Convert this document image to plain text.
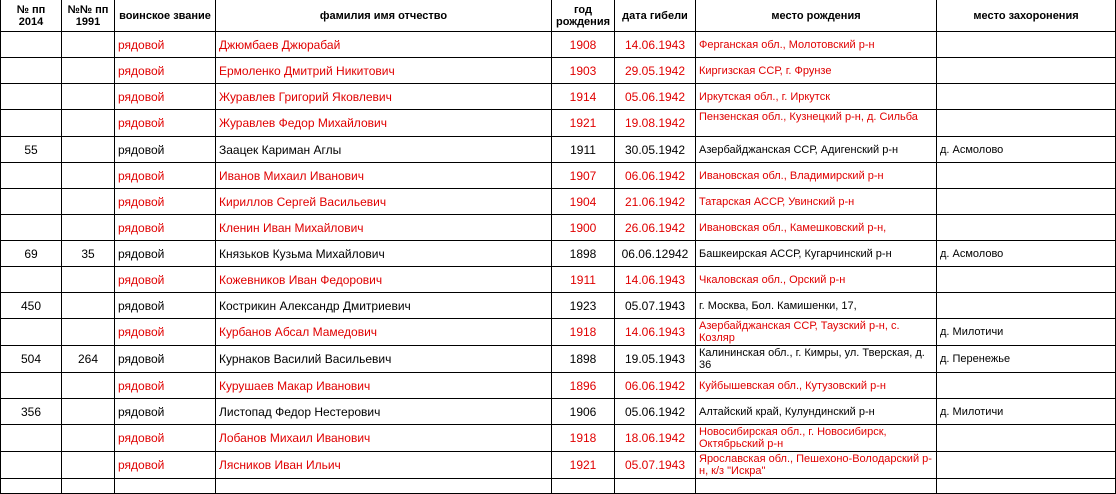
№ пп 2014	№№ пп 1991	воинское звание	фамилия имя отчество	год рождения	дата гибели	место рождения	место захоронения
		рядовой	Джюмбаев Джюрабай	1908	14.06.1943	Ферганская обл., Молотовский р-н	
		рядовой	Ермоленко Дмитрий Никитович	1903	29.05.1942	Киргизская ССР, г. Фрунзе	
		рядовой	Журавлев Григорий Яковлевич	1914	05.06.1942	Иркутская обл., г. Иркутск	
		рядовой	Журавлев Федор Михайлович	1921	19.08.1942	Пензенская обл., Кузнецкий р-н, д. Сильба	
55		рядовой	Заацек Кариман Аглы	1911	30.05.1942	Азербайджанская ССР, Адигенский р-н	д. Асмолово
		рядовой	Иванов Михаил Иванович	1907	06.06.1942	Ивановская обл., Владимирский р-н	
		рядовой	Кириллов Сергей Васильевич	1904	21.06.1942	Татарская АССР, Увинский р-н	
		рядовой	Кленин Иван Михайлович	1900	26.06.1942	Ивановская обл., Камешковский р-н,	
69	35	рядовой	Князьков Кузьма Михайлович	1898	06.06.12942	Башкеирская АССР, Кугарчинский р-н	д. Асмолово
		рядовой	Кожевников Иван Федорович	1911	14.06.1943	Чкаловская обл., Орский р-н	
450		рядовой	Кострикин Александр Дмитриевич	1923	05.07.1943	г. Москва, Бол. Камишенки, 17,	
		рядовой	Курбанов Абсал Мамедович	1918	14.06.1943	Азербайджанская ССР, Таузский р-н, с. Козляр	д. Милотичи
504	264	рядовой	Курнаков Василий Васильевич	1898	19.05.1943	Калининская обл., г. Кимры, ул. Тверская, д. 36	д. Перенежье
		рядовой	Курушаев Макар Иванович	1896	06.06.1942	Куйбышевская обл., Кутузовский р-н	
356		рядовой	Листопад Федор Нестерович	1906	05.06.1942	Алтайский край, Кулундинский р-н	д. Милотичи
		рядовой	Лобанов Михаил Иванович	1918	18.06.1942	Новосибирская обл., г. Новосибирск, Октябрьский р-н	
		рядовой	Лясников Иван Ильич	1921	05.07.1943	Ярославская обл., Пешехоно-Володарский р-н, к/з "Искра"	
